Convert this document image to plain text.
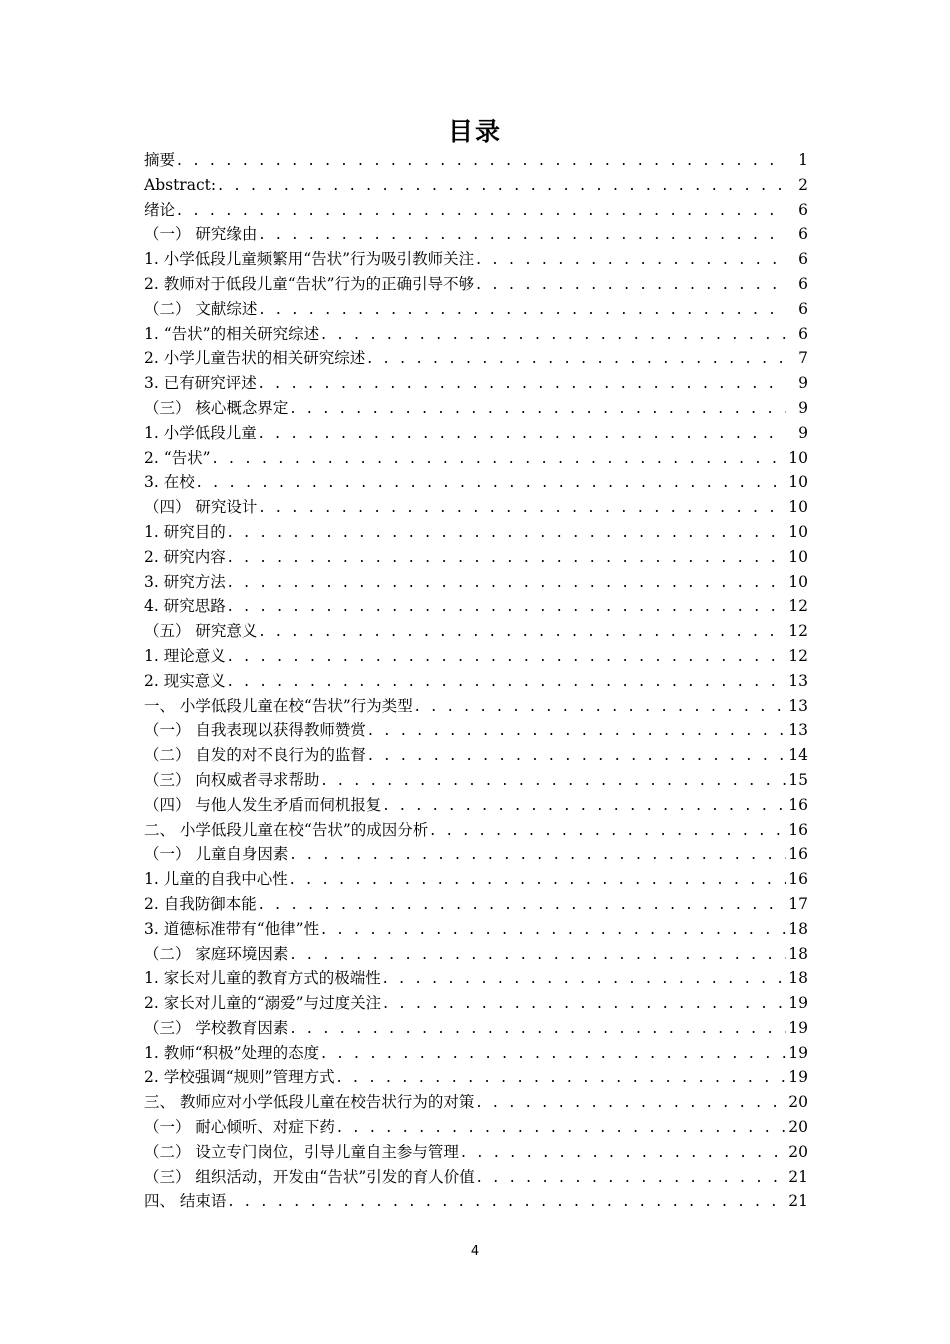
目录
摘要 . . .	1
Abstract: . . .	2
绪论 . . .	6
（一） 研究缘由 . . .	6
1. 小学低段儿童频繁用“告状”行为吸引教师关注 . . .	6
2. 教师对于低段儿童“告状”行为的正确引导不够 . . .	6
（二） 文献综述 . . .	6
1. “告状”的相关研究综述 . . .	6
2. 小学儿童告状的相关研究综述 . . .	7
3. 已有研究评述 . . .	9
（三） 核心概念界定 . . .	9
1. 小学低段儿童 . . .	9
2. “告状” . . .	10
3. 在校 . . .	10
（四） 研究设计 . . .	10
1. 研究目的 . . .	10
2. 研究内容 . . .	10
3. 研究方法 . . .	10
4. 研究思路 . . .	12
（五） 研究意义 . . .	12
1. 理论意义 . . .	12
2. 现实意义 . . .	13
一、 小学低段儿童在校“告状”行为类型 . . .	13
（一） 自我表现以获得教师赞赏 . . .	13
（二） 自发的对不良行为的监督 . . .	14
（三） 向权威者寻求帮助 . . .	15
（四） 与他人发生矛盾而伺机报复 . . .	16
二、 小学低段儿童在校“告状”的成因分析 . . .	16
（一） 儿童自身因素 . . .	16
1. 儿童的自我中心性 . . .	16
2. 自我防御本能 . . .	17
3. 道德标准带有“他律”性 . . .	18
（二） 家庭环境因素 . . .	18
1. 家长对儿童的教育方式的极端性 . . .	18
2. 家长对儿童的“溺爱”与过度关注 . . .	19
（三） 学校教育因素 . . .	19
1. 教师“积极”处理的态度 . . .	19
2. 学校强调“规则”管理方式 . . .	19
三、 教师应对小学低段儿童在校告状行为的对策 . . .	20
（一） 耐心倾听、对症下药 . . .	20
（二） 设立专门岗位，引导儿童自主参与管理 . . .	20
（三） 组织活动，开发由“告状”引发的育人价值 . . .	21
四、 结束语 . . .	21
4
